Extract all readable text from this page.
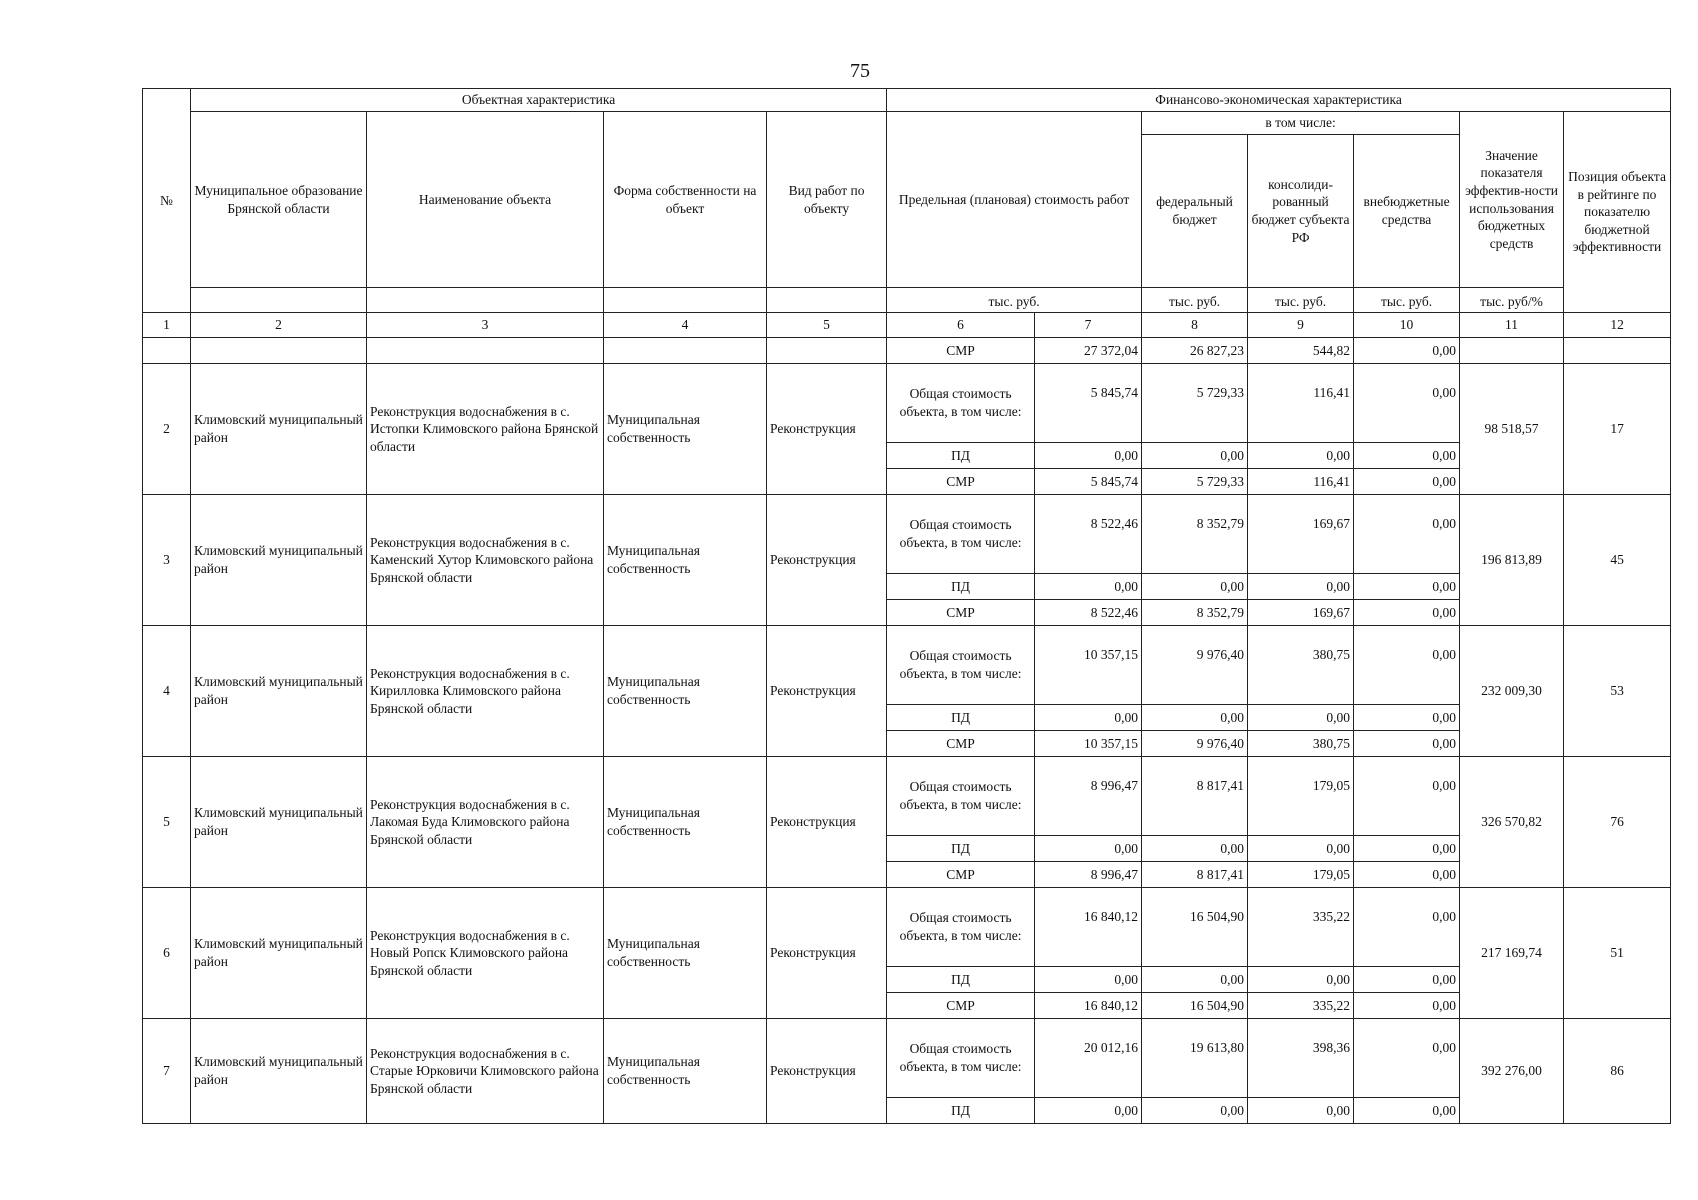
75
№	Объектная характеристика				Финансово-экономическая характеристика						
	Муниципальное образование Брянской области	Наименование объекта	Форма собственности на объект	Вид работ по объекту	Предельная (плановая) стоимость работ		в том числе:			Значение показателя эффектив-ности использования бюджетных средств	Позиция объекта в рейтинге по показателю бюджетной эффективности
							федеральный бюджет	консолиди-рованный бюджет субъекта РФ	внебюджетные средства		
					тыс. руб.		тыс. руб.	тыс. руб.	тыс. руб.	тыс. руб/%	
1	2	3	4	5	6	7	8	9	10	11	12
					СМР	27 372,04	26 827,23	544,82	0,00		
2	Климовский муниципальный район	Реконструкция водоснабжения в с. Истопки Климовского района Брянской области	Муниципальная собственность	Реконструкция	Общая стоимость объекта, в том числе:	5 845,74	5 729,33	116,41	0,00	98 518,57	17
					ПД	0,00	0,00	0,00	0,00		
					СМР	5 845,74	5 729,33	116,41	0,00		
3	Климовский муниципальный район	Реконструкция водоснабжения в с. Каменский Хутор Климовского района Брянской области	Муниципальная собственность	Реконструкция	Общая стоимость объекта, в том числе:	8 522,46	8 352,79	169,67	0,00	196 813,89	45
					ПД	0,00	0,00	0,00	0,00		
					СМР	8 522,46	8 352,79	169,67	0,00		
4	Климовский муниципальный район	Реконструкция водоснабжения в с. Кирилловка Климовского района Брянской области	Муниципальная собственность	Реконструкция	Общая стоимость объекта, в том числе:	10 357,15	9 976,40	380,75	0,00	232 009,30	53
					ПД	0,00	0,00	0,00	0,00		
					СМР	10 357,15	9 976,40	380,75	0,00		
5	Климовский муниципальный район	Реконструкция водоснабжения в с. Лакомая Буда Климовского района Брянской области	Муниципальная собственность	Реконструкция	Общая стоимость объекта, в том числе:	8 996,47	8 817,41	179,05	0,00	326 570,82	76
					ПД	0,00	0,00	0,00	0,00		
					СМР	8 996,47	8 817,41	179,05	0,00		
6	Климовский муниципальный район	Реконструкция водоснабжения в с. Новый Ропск Климовского района Брянской области	Муниципальная собственность	Реконструкция	Общая стоимость объекта, в том числе:	16 840,12	16 504,90	335,22	0,00	217 169,74	51
					ПД	0,00	0,00	0,00	0,00		
					СМР	16 840,12	16 504,90	335,22	0,00		
7	Климовский муниципальный район	Реконструкция водоснабжения в с. Старые Юрковичи Климовского района Брянской области	Муниципальная собственность	Реконструкция	Общая стоимость объекта, в том числе:	20 012,16	19 613,80	398,36	0,00	392 276,00	86
					ПД	0,00	0,00	0,00	0,00		
